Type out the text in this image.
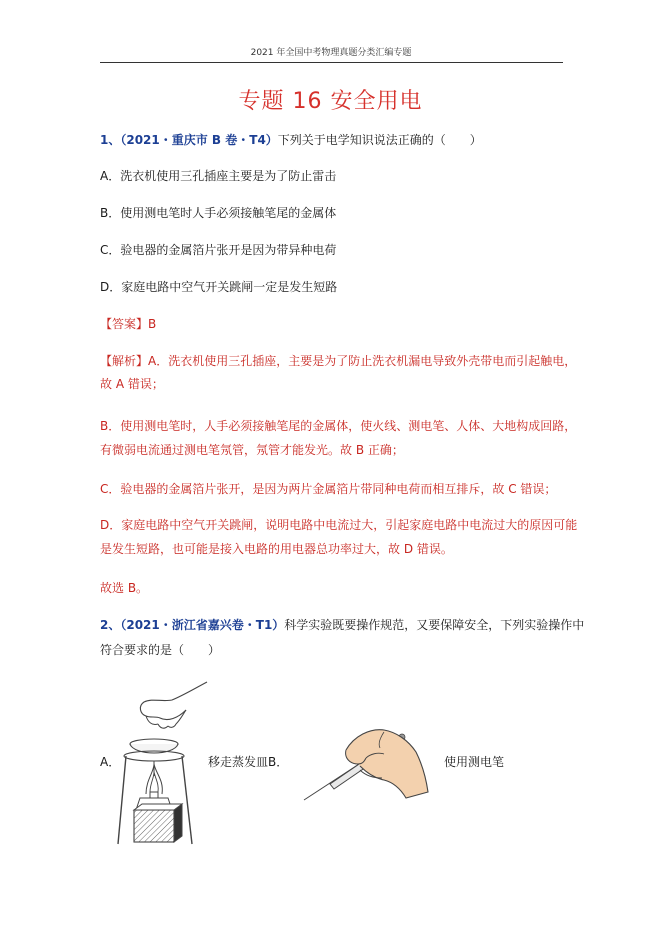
2021 年全国中考物理真题分类汇编专题
专题 16 安全用电
1、（2021・重庆市 B 卷・T4）下列关于电学知识说法正确的（　　）
A．洗衣机使用三孔插座主要是为了防止雷击
B．使用测电笔时人手必须接触笔尾的金属体
C．验电器的金属箔片张开是因为带异种电荷
D．家庭电路中空气开关跳闸一定是发生短路
【答案】B
【解析】A．洗衣机使用三孔插座，主要是为了防止洗衣机漏电导致外壳带电而引起触电，
故 A 错误；
B．使用测电笔时，人手必须接触笔尾的金属体，使火线、测电笔、人体、大地构成回路，
有微弱电流通过测电笔氖管，氖管才能发光。故 B 正确；
C．验电器的金属箔片张开，是因为两片金属箔片带同种电荷而相互排斥，故 C 错误；
D．家庭电路中空气开关跳闸，说明电路中电流过大，引起家庭电路中电流过大的原因可能
是发生短路，也可能是接入电路的用电器总功率过大，故 D 错误。
故选 B。
2、（2021・浙江省嘉兴卷・T1）科学实验既要操作规范，又要保障安全，下列实验操作中
符合要求的是（　　）
A．	移走蒸发皿 B．	使用测电笔
